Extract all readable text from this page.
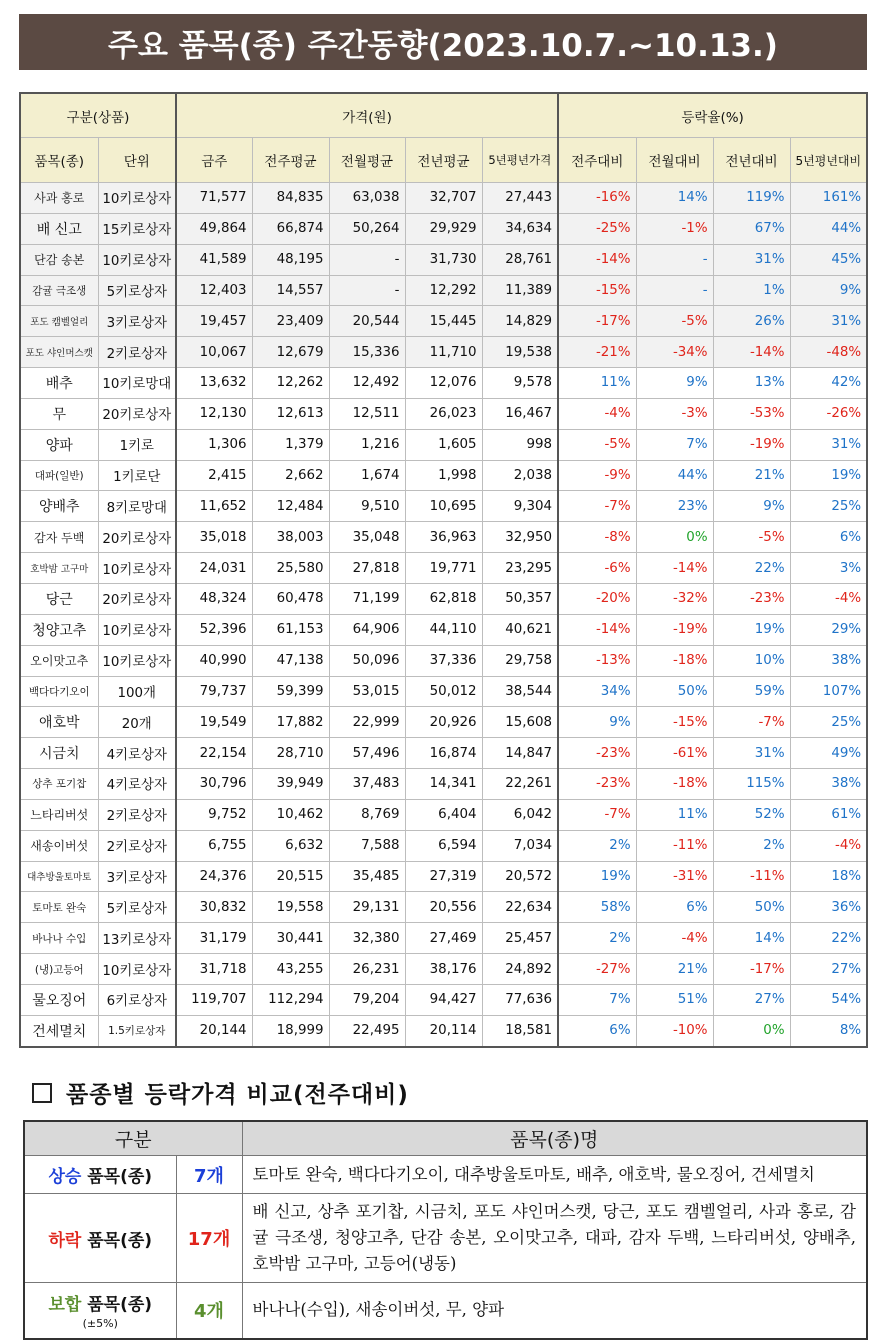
주요 품목(종) 주간동향(2023.10.7.~10.13.)
구분(상품)		가격(원)					등락율(%)			
품목(종)	단위	금주	전주평균	전월평균	전년평균	5년평년가격	전주대비	전월대비	전년대비	5년평년대비
사과 홍로	10키로상자	71,577	84,835	63,038	32,707	27,443	-16%	14%	119%	161%
배 신고	15키로상자	49,864	66,874	50,264	29,929	34,634	-25%	-1%	67%	44%
단감 송본	10키로상자	41,589	48,195	-	31,730	28,761	-14%	-	31%	45%
감귤 극조생	5키로상자	12,403	14,557	-	12,292	11,389	-15%	-	1%	9%
포도 캠벨얼리	3키로상자	19,457	23,409	20,544	15,445	14,829	-17%	-5%	26%	31%
포도 샤인머스캣	2키로상자	10,067	12,679	15,336	11,710	19,538	-21%	-34%	-14%	-48%
배추	10키로망대	13,632	12,262	12,492	12,076	9,578	11%	9%	13%	42%
무	20키로상자	12,130	12,613	12,511	26,023	16,467	-4%	-3%	-53%	-26%
양파	1키로	1,306	1,379	1,216	1,605	998	-5%	7%	-19%	31%
대파(일반)	1키로단	2,415	2,662	1,674	1,998	2,038	-9%	44%	21%	19%
양배추	8키로망대	11,652	12,484	9,510	10,695	9,304	-7%	23%	9%	25%
감자 두백	20키로상자	35,018	38,003	35,048	36,963	32,950	-8%	0%	-5%	6%
호박밤 고구마	10키로상자	24,031	25,580	27,818	19,771	23,295	-6%	-14%	22%	3%
당근	20키로상자	48,324	60,478	71,199	62,818	50,357	-20%	-32%	-23%	-4%
청양고추	10키로상자	52,396	61,153	64,906	44,110	40,621	-14%	-19%	19%	29%
오이맛고추	10키로상자	40,990	47,138	50,096	37,336	29,758	-13%	-18%	10%	38%
백다다기오이	100개	79,737	59,399	53,015	50,012	38,544	34%	50%	59%	107%
애호박	20개	19,549	17,882	22,999	20,926	15,608	9%	-15%	-7%	25%
시금치	4키로상자	22,154	28,710	57,496	16,874	14,847	-23%	-61%	31%	49%
상추 포기찹	4키로상자	30,796	39,949	37,483	14,341	22,261	-23%	-18%	115%	38%
느타리버섯	2키로상자	9,752	10,462	8,769	6,404	6,042	-7%	11%	52%	61%
새송이버섯	2키로상자	6,755	6,632	7,588	6,594	7,034	2%	-11%	2%	-4%
대추방울토마토	3키로상자	24,376	20,515	35,485	27,319	20,572	19%	-31%	-11%	18%
토마토 완숙	5키로상자	30,832	19,558	29,131	20,556	22,634	58%	6%	50%	36%
바나나 수입	13키로상자	31,179	30,441	32,380	27,469	25,457	2%	-4%	14%	22%
(냉)고등어	10키로상자	31,718	43,255	26,231	38,176	24,892	-27%	21%	-17%	27%
물오징어	6키로상자	119,707	112,294	79,204	94,427	77,636	7%	51%	27%	54%
건세멸치	1.5키로상자	20,144	18,999	22,495	20,114	18,581	6%	-10%	0%	8%
품종별 등락가격 비교(전주대비)
구분		품목(종)명
상승 품목(종)	7개	토마토 완숙, 백다다기오이, 대추방울토마토, 배추, 애호박, 물오징어, 건세멸치
하락 품목(종)	17개	배 신고, 상추 포기찹, 시금치, 포도 샤인머스캣, 당근, 포도 캠벨얼리, 사과 홍로, 감귤 극조생, 청양고추, 단감 송본, 오이맛고추, 대파, 감자 두백, 느타리버섯, 양배추, 호박밤 고구마, 고등어(냉동)
보합 품목(종)
(±5%)	4개	바나나(수입), 새송이버섯, 무, 양파
